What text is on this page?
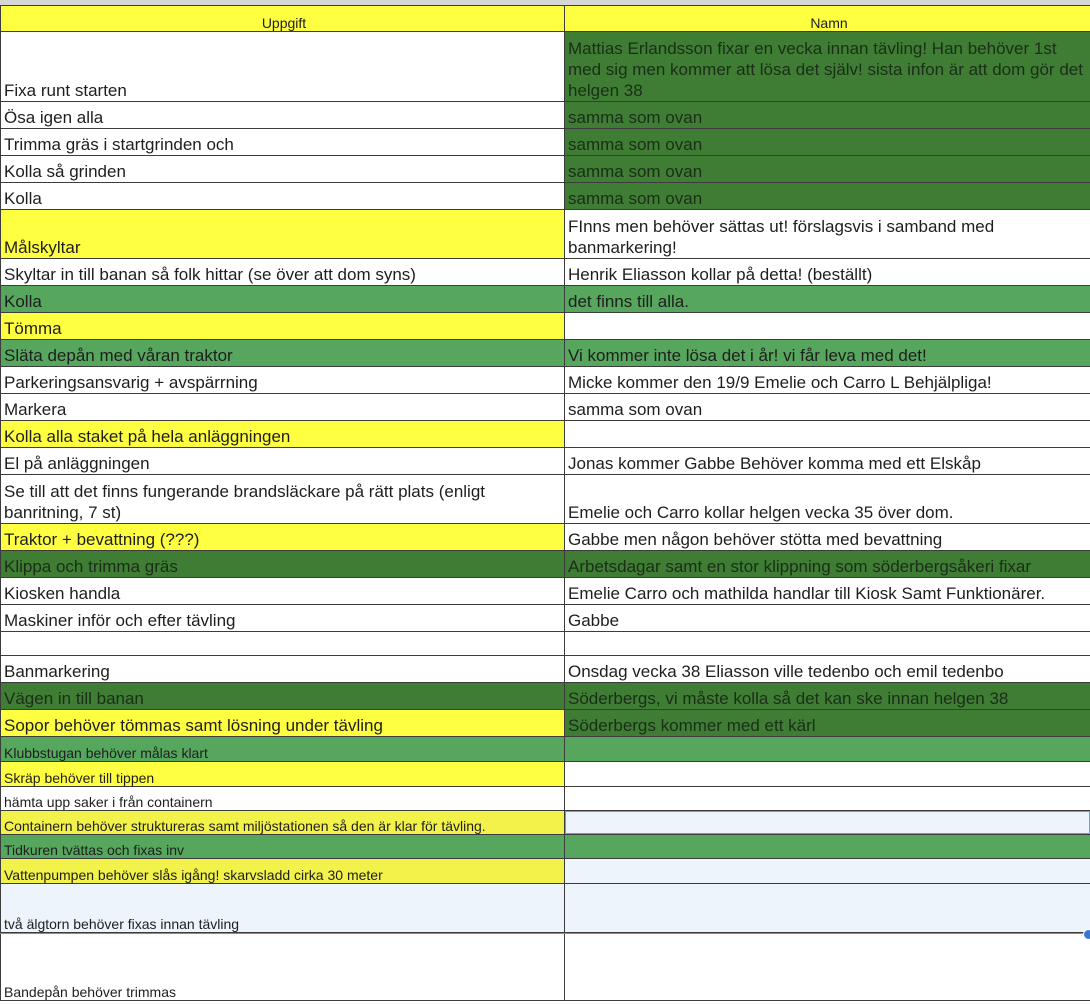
Uppgift	Namn
Fixa runt starten	Mattias Erlandsson fixar en vecka innan tävling! Han behöver 1st med sig men kommer att lösa det själv! sista infon är att dom gör det helgen 38
Ösa igen alla	samma som ovan
Trimma gräs i startgrinden och	samma som ovan
Kolla så grinden	samma som ovan
Kolla	samma som ovan
Målskyltar	FInns men behöver sättas ut! förslagsvis i samband med banmarkering!
Skyltar in till banan så folk hittar (se över att dom syns)	Henrik Eliasson kollar på detta! (beställt)
Kolla	det finns till alla.
Tömma	
Släta depån med våran traktor	Vi kommer inte lösa det i år! vi får leva med det!
Parkeringsansvarig + avspärrning	Micke kommer den 19/9 Emelie och Carro L Behjälpliga!
Markera	samma som ovan
Kolla alla staket på hela anläggningen	
El på anläggningen	Jonas kommer Gabbe Behöver komma med ett Elskåp
Se till att det finns fungerande brandsläckare på rätt plats (enligt banritning, 7 st)	Emelie och Carro kollar helgen vecka 35 över dom.
Traktor + bevattning (???)	Gabbe men någon behöver stötta med bevattning
Klippa och trimma gräs	Arbetsdagar samt en stor klippning som söderbergsåkeri fixar
Kiosken handla	Emelie Carro och mathilda handlar till Kiosk Samt Funktionärer.
Maskiner inför och efter tävling	Gabbe

Banmarkering	Onsdag vecka 38 Eliasson ville tedenbo och emil tedenbo
Vägen in till banan	Söderbergs, vi måste kolla så det kan ske innan helgen 38
Sopor behöver tömmas samt lösning under tävling	Söderbergs kommer med ett kärl
Klubbstugan behöver målas klart	
Skräp behöver till tippen	
hämta upp saker i från containern	
Containern behöver struktureras samt miljöstationen så den är klar för tävling.	
Tidkuren tvättas och fixas inv	
Vattenpumpen behöver slås igång! skarvsladd cirka 30 meter	
två älgtorn behöver fixas innan tävling	
Bandepån behöver trimmas	
